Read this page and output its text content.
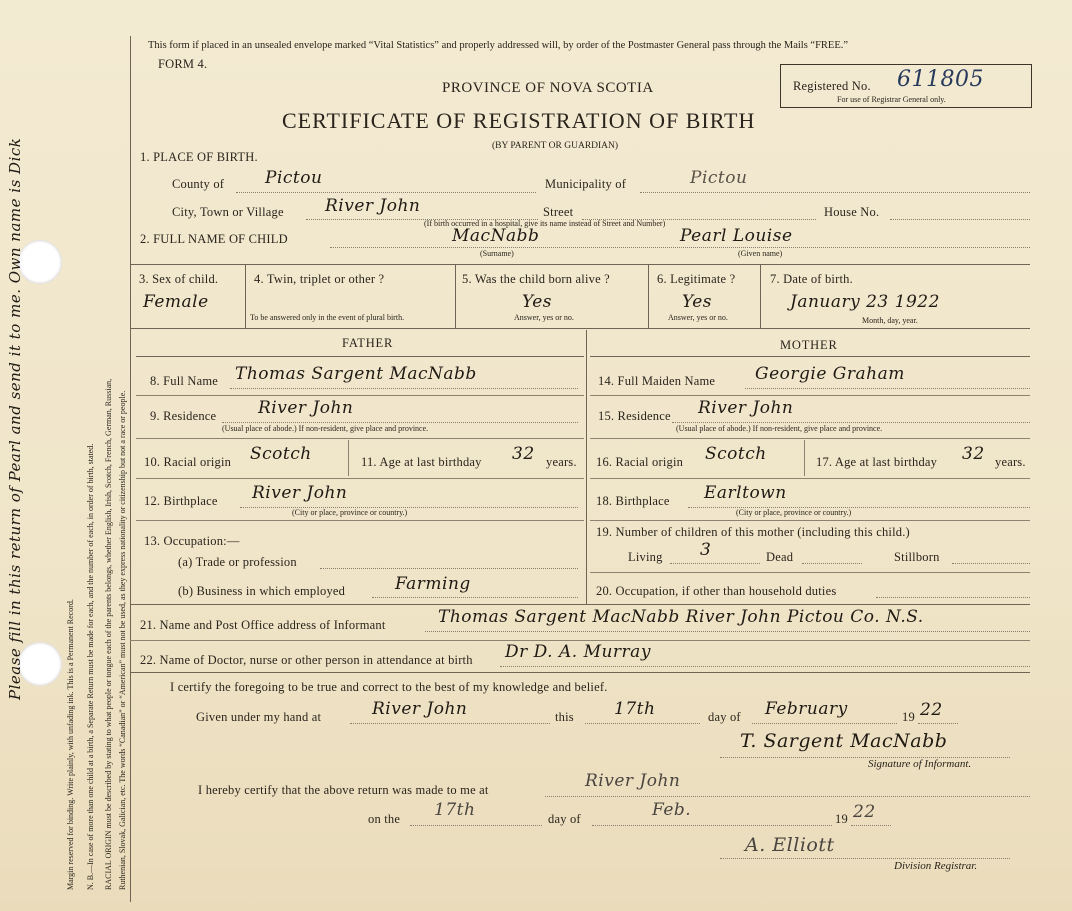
Margin reserved for binding. Write plainly, with unfading ink. This is a Permanent Record. N. B.—In case of more than one child at a birth, a Separate Return must be made for each, and the number of each, in order of birth, stated. RACIAL ORIGIN must be described by stating to what people or tongue each of the parents belongs, whether English, Irish, Scotch, French, German, Russian, Ruthenian, Slovak, Galician, etc. The words “Canadian” or “American” must not be used, as they express nationality or citizenship but not a race or people.
Please fill in this return of Pearl and send it to me. Own name is Dick
This form if placed in an unsealed envelope marked “Vital Statistics” and properly addressed will, by order of the Postmaster General pass through the Mails “FREE.”
FORM 4.
PROVINCE OF NOVA SCOTIA
CERTIFICATE OF REGISTRATION OF BIRTH
(BY PARENT OR GUARDIAN)
Registered No. 611805
For use of Registrar General only.
1. PLACE OF BIRTH.
County of Pictou	Municipality of	Pictou
City, Town or Village River John	Street	House No.
(If birth occurred in a hospital, give its name instead of Street and Number)
2. FULL NAME OF CHILD	MacNabb
(Surname)
Pearl Louise
(Given name)
3. Sex of child.
Female
4. Twin, triplet or other ?
To be answered only in the event of plural birth.
5. Was the child born alive ?
Yes
Answer, yes or no.
6. Legitimate ?
Yes
Answer, yes or no.
7. Date of birth.
January 23 1922
Month, day, year.
FATHER	MOTHER
8. Full Name Thomas Sargent MacNabb
9. Residence River John
(Usual place of abode.) If non-resident, give place and province.
10. Racial origin Scotch	11. Age at last birthday 32 years.
12. Birthplace River John
(City or place, province or country.)
13. Occupation:—
(a) Trade or profession
(b) Business in which employed	Farming
14. Full Maiden Name Georgie Graham
15. Residence River John
(Usual place of abode.) If non-resident, give place and province.
16. Racial origin Scotch	17. Age at last birthday 32 years.
18. Birthplace Earltown
(City or place, province or country.)
19. Number of children of this mother (including this child.)
Living 3	Dead	Stillborn
20. Occupation, if other than household duties
21. Name and Post Office address of Informant	Thomas Sargent MacNabb River John Pictou Co. N.S.
22. Name of Doctor, nurse or other person in attendance at birth Dr D. A. Murray
I certify the foregoing to be true and correct to the best of my knowledge and belief.
Given under my hand at	River John	this 17th	day of February	19 22
T. Sargent MacNabb
Signature of Informant.
I hereby certify that the above return was made to me at	River John
on the 17th	day of	Feb.	19 22
A. Elliott
Division Registrar.
